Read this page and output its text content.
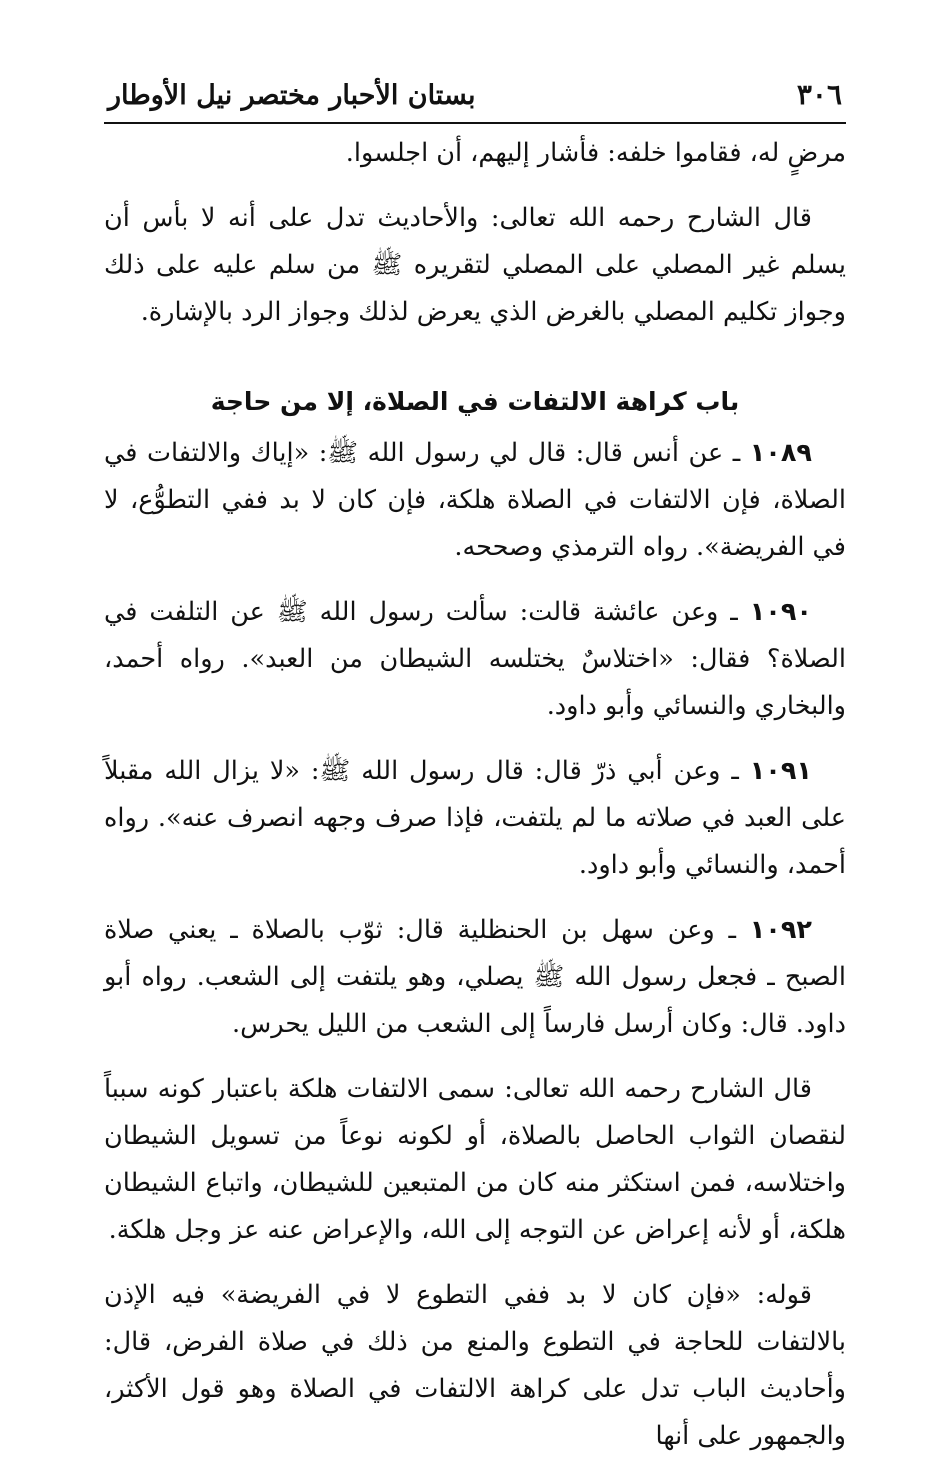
٣٠٦
بستان الأحبار مختصر نيل الأوطار

مرضٍ له، فقاموا خلفه: فأشار إليهم، أن اجلسوا.

قال الشارح رحمه الله تعالى: والأحاديث تدل على أنه لا بأس أن يسلم غير المصلي على المصلي لتقريره ﷺ من سلم عليه على ذلك وجواز تكليم المصلي بالغرض الذي يعرض لذلك وجواز الرد بالإشارة.

باب كراهة الالتفات في الصلاة، إلا من حاجة

١٠٨٩ ـ عن أنس قال: قال لي رسول الله ﷺ: «إياك والالتفات في الصلاة، فإن الالتفات في الصلاة هلكة، فإن كان لا بد ففي التطوُّع، لا في الفريضة». رواه الترمذي وصححه.

١٠٩٠ ـ وعن عائشة قالت: سألت رسول الله ﷺ عن التلفت في الصلاة؟ فقال: «اختلاسٌ يختلسه الشيطان من العبد». رواه أحمد، والبخاري والنسائي وأبو داود.

١٠٩١ ـ وعن أبي ذرّ قال: قال رسول الله ﷺ: «لا يزال الله مقبلاً على العبد في صلاته ما لم يلتفت، فإذا صرف وجهه انصرف عنه». رواه أحمد، والنسائي وأبو داود.

١٠٩٢ ـ وعن سهل بن الحنظلية قال: ثوّب بالصلاة ـ يعني صلاة الصبح ـ فجعل رسول الله ﷺ يصلي، وهو يلتفت إلى الشعب. رواه أبو داود. قال: وكان أرسل فارساً إلى الشعب من الليل يحرس.

قال الشارح رحمه الله تعالى: سمى الالتفات هلكة باعتبار كونه سبباً لنقصان الثواب الحاصل بالصلاة، أو لكونه نوعاً من تسويل الشيطان واختلاسه، فمن استكثر منه كان من المتبعين للشيطان، واتباع الشيطان هلكة، أو لأنه إعراض عن التوجه إلى الله، والإعراض عنه عز وجل هلكة.

قوله: «فإن كان لا بد ففي التطوع لا في الفريضة» فيه الإذن بالالتفات للحاجة في التطوع والمنع من ذلك في صلاة الفرض، قال: وأحاديث الباب تدل على كراهة الالتفات في الصلاة وهو قول الأكثر، والجمهور على أنها
